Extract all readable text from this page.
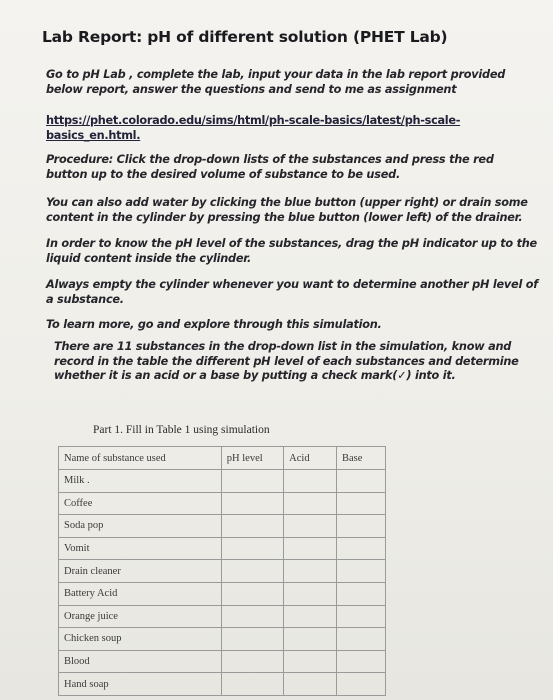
Lab Report: pH of different solution (PHET Lab)
Go to pH Lab , complete the lab, input your data in the lab report provided below report, answer the questions and send to me as assignment
https://phet.colorado.edu/sims/html/ph-scale-basics/latest/ph-scale-basics_en.html.
Procedure: Click the drop-down lists of the substances and press the red button up to the desired volume of substance to be used.
You can also add water by clicking the blue button (upper right) or drain some content in the cylinder by pressing the blue button (lower left) of the drainer.
In order to know the pH level of the substances, drag the pH indicator up to the liquid content inside the cylinder.
Always empty the cylinder whenever you want to determine another pH level of a substance.
To learn more, go and explore through this simulation.
There are 11 substances in the drop-down list in the simulation, know and record in the table the different pH level of each substances and determine whether it is an acid or a base by putting a check mark(✓) into it.
Part 1. Fill in Table 1 using simulation
Name of substance used	pH level	Acid	Base
Milk .			
Coffee			
Soda pop			
Vomit			
Drain cleaner			
Battery Acid			
Orange juice			
Chicken soup			
Blood			
Hand soap			
